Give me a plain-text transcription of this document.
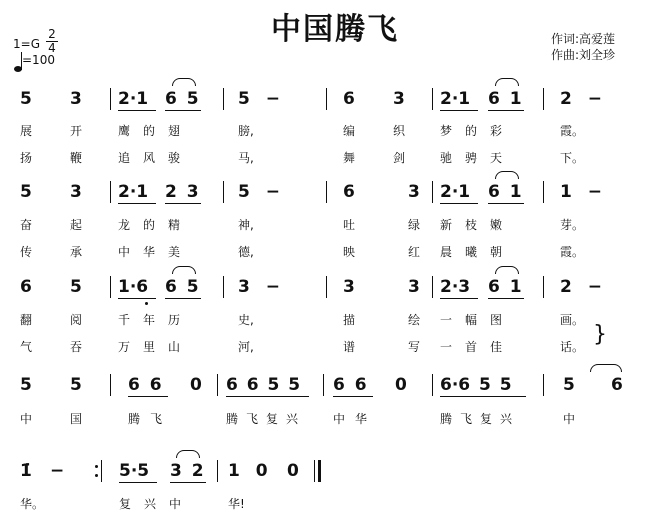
中国腾飞	作词:高爱莲
作曲:刘全珍
1=G
2
4
=100
5 3 2·1 6 5 5 −	6 3 2·1 6 1 2 −
展	开	鹰的翅	膀,	编	织	梦的彩	霞。
扬	鞭	追风骏	马,	舞	剑	驰骋天	下。
5 3 2·1 2 3 5 −	6	3 2·1 6 1 1 −
奋	起	龙的精	神,	吐	绿 新枝嫩	芽。
传	承	中华美	德,	映	红 晨曦朝	霞。
6 5 1·6 6 5 3 −	3	3 2·3 6 1 2 −
翻	阅	千年历	史,	描	绘 一幅图	画。
气	吞	万里山	河,	谱	写 一首佳	话。 }
5 5	6 6 0 6 6 5 5 6 6 0 6·6 5 5	5 6
中	国	腾飞	腾飞复兴 中华	腾飞复兴	中
1̇ −	5·5 3 2 1 0 0
华。	复兴中	华!
